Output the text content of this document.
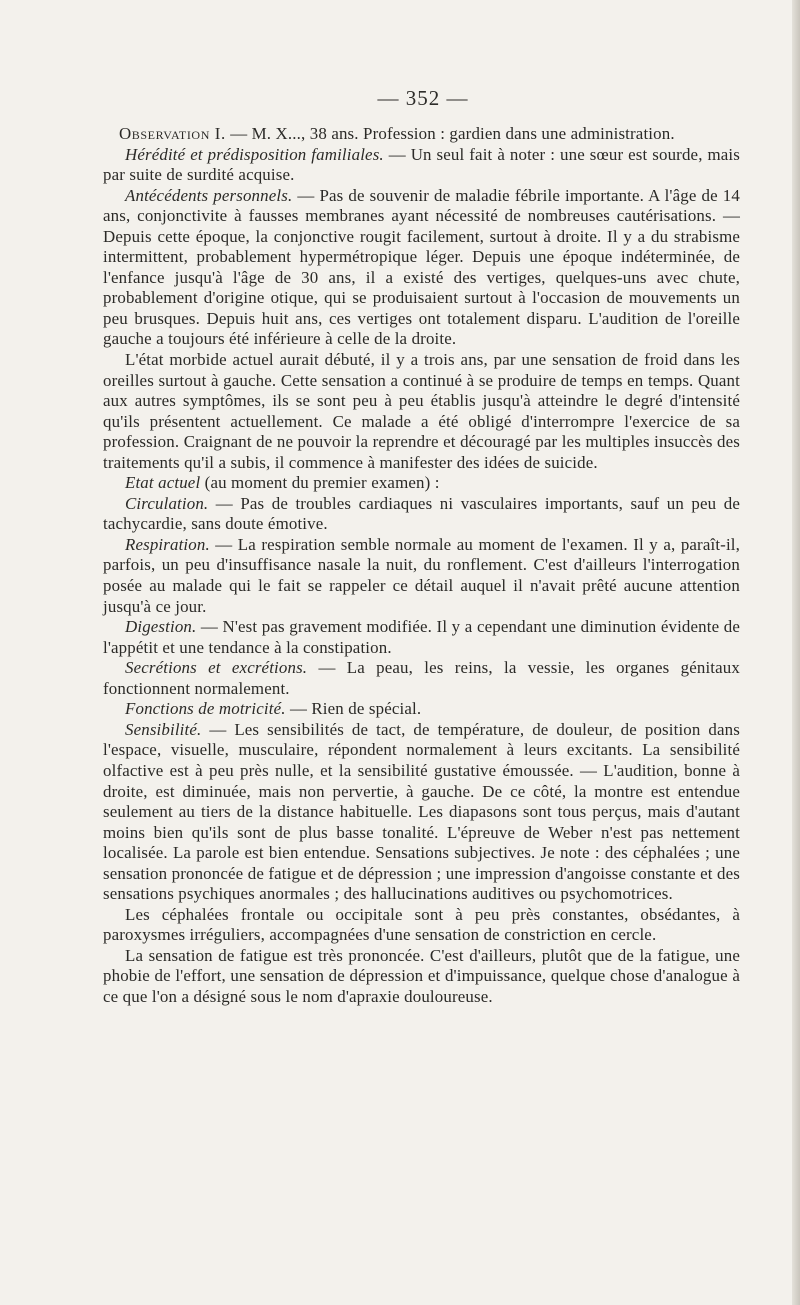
— 352 —

Observation I. — M. X..., 38 ans. Profession : gardien dans une administration.

Hérédité et prédisposition familiales. — Un seul fait à noter : une sœur est sourde, mais par suite de surdité acquise.

Antécédents personnels. — Pas de souvenir de maladie fébrile importante. A l'âge de 14 ans, conjonctivite à fausses membranes ayant nécessité de nombreuses cautérisations. — Depuis cette époque, la conjonctive rougit facilement, surtout à droite. Il y a du strabisme intermittent, probablement hypermétropique léger. Depuis une époque indéterminée, de l'enfance jusqu'à l'âge de 30 ans, il a existé des vertiges, quelques-uns avec chute, probablement d'origine otique, qui se produisaient surtout à l'occasion de mouvements un peu brusques. Depuis huit ans, ces vertiges ont totalement disparu. L'audition de l'oreille gauche a toujours été inférieure à celle de la droite.

L'état morbide actuel aurait débuté, il y a trois ans, par une sensation de froid dans les oreilles surtout à gauche. Cette sensation a continué à se produire de temps en temps. Quant aux autres symptômes, ils se sont peu à peu établis jusqu'à atteindre le degré d'intensité qu'ils présentent actuellement. Ce malade a été obligé d'interrompre l'exercice de sa profession. Craignant de ne pouvoir la reprendre et découragé par les multiples insuccès des traitements qu'il a subis, il commence à manifester des idées de suicide.

Etat actuel (au moment du premier examen) :

Circulation. — Pas de troubles cardiaques ni vasculaires importants, sauf un peu de tachycardie, sans doute émotive.

Respiration. — La respiration semble normale au moment de l'examen. Il y a, paraît-il, parfois, un peu d'insuffisance nasale la nuit, du ronflement. C'est d'ailleurs l'interrogation posée au malade qui le fait se rappeler ce détail auquel il n'avait prêté aucune attention jusqu'à ce jour.

Digestion. — N'est pas gravement modifiée. Il y a cependant une diminution évidente de l'appétit et une tendance à la constipation.

Secrétions et excrétions. — La peau, les reins, la vessie, les organes génitaux fonctionnent normalement.

Fonctions de motricité. — Rien de spécial.

Sensibilité. — Les sensibilités de tact, de température, de douleur, de position dans l'espace, visuelle, musculaire, répondent normalement à leurs excitants. La sensibilité olfactive est à peu près nulle, et la sensibilité gustative émoussée. — L'audition, bonne à droite, est diminuée, mais non pervertie, à gauche. De ce côté, la montre est entendue seulement au tiers de la distance habituelle. Les diapasons sont tous perçus, mais d'autant moins bien qu'ils sont de plus basse tonalité. L'épreuve de Weber n'est pas nettement localisée. La parole est bien entendue. Sensations subjectives. Je note : des céphalées ; une sensation prononcée de fatigue et de dépression ; une impression d'angoisse constante et des sensations psychiques anormales ; des hallucinations auditives ou psychomotrices.

Les céphalées frontale ou occipitale sont à peu près constantes, obsédantes, à paroxysmes irréguliers, accompagnées d'une sensation de constriction en cercle.

La sensation de fatigue est très prononcée. C'est d'ailleurs, plutôt que de la fatigue, une phobie de l'effort, une sensation de dépression et d'impuissance, quelque chose d'analogue à ce que l'on a désigné sous le nom d'apraxie douloureuse.
